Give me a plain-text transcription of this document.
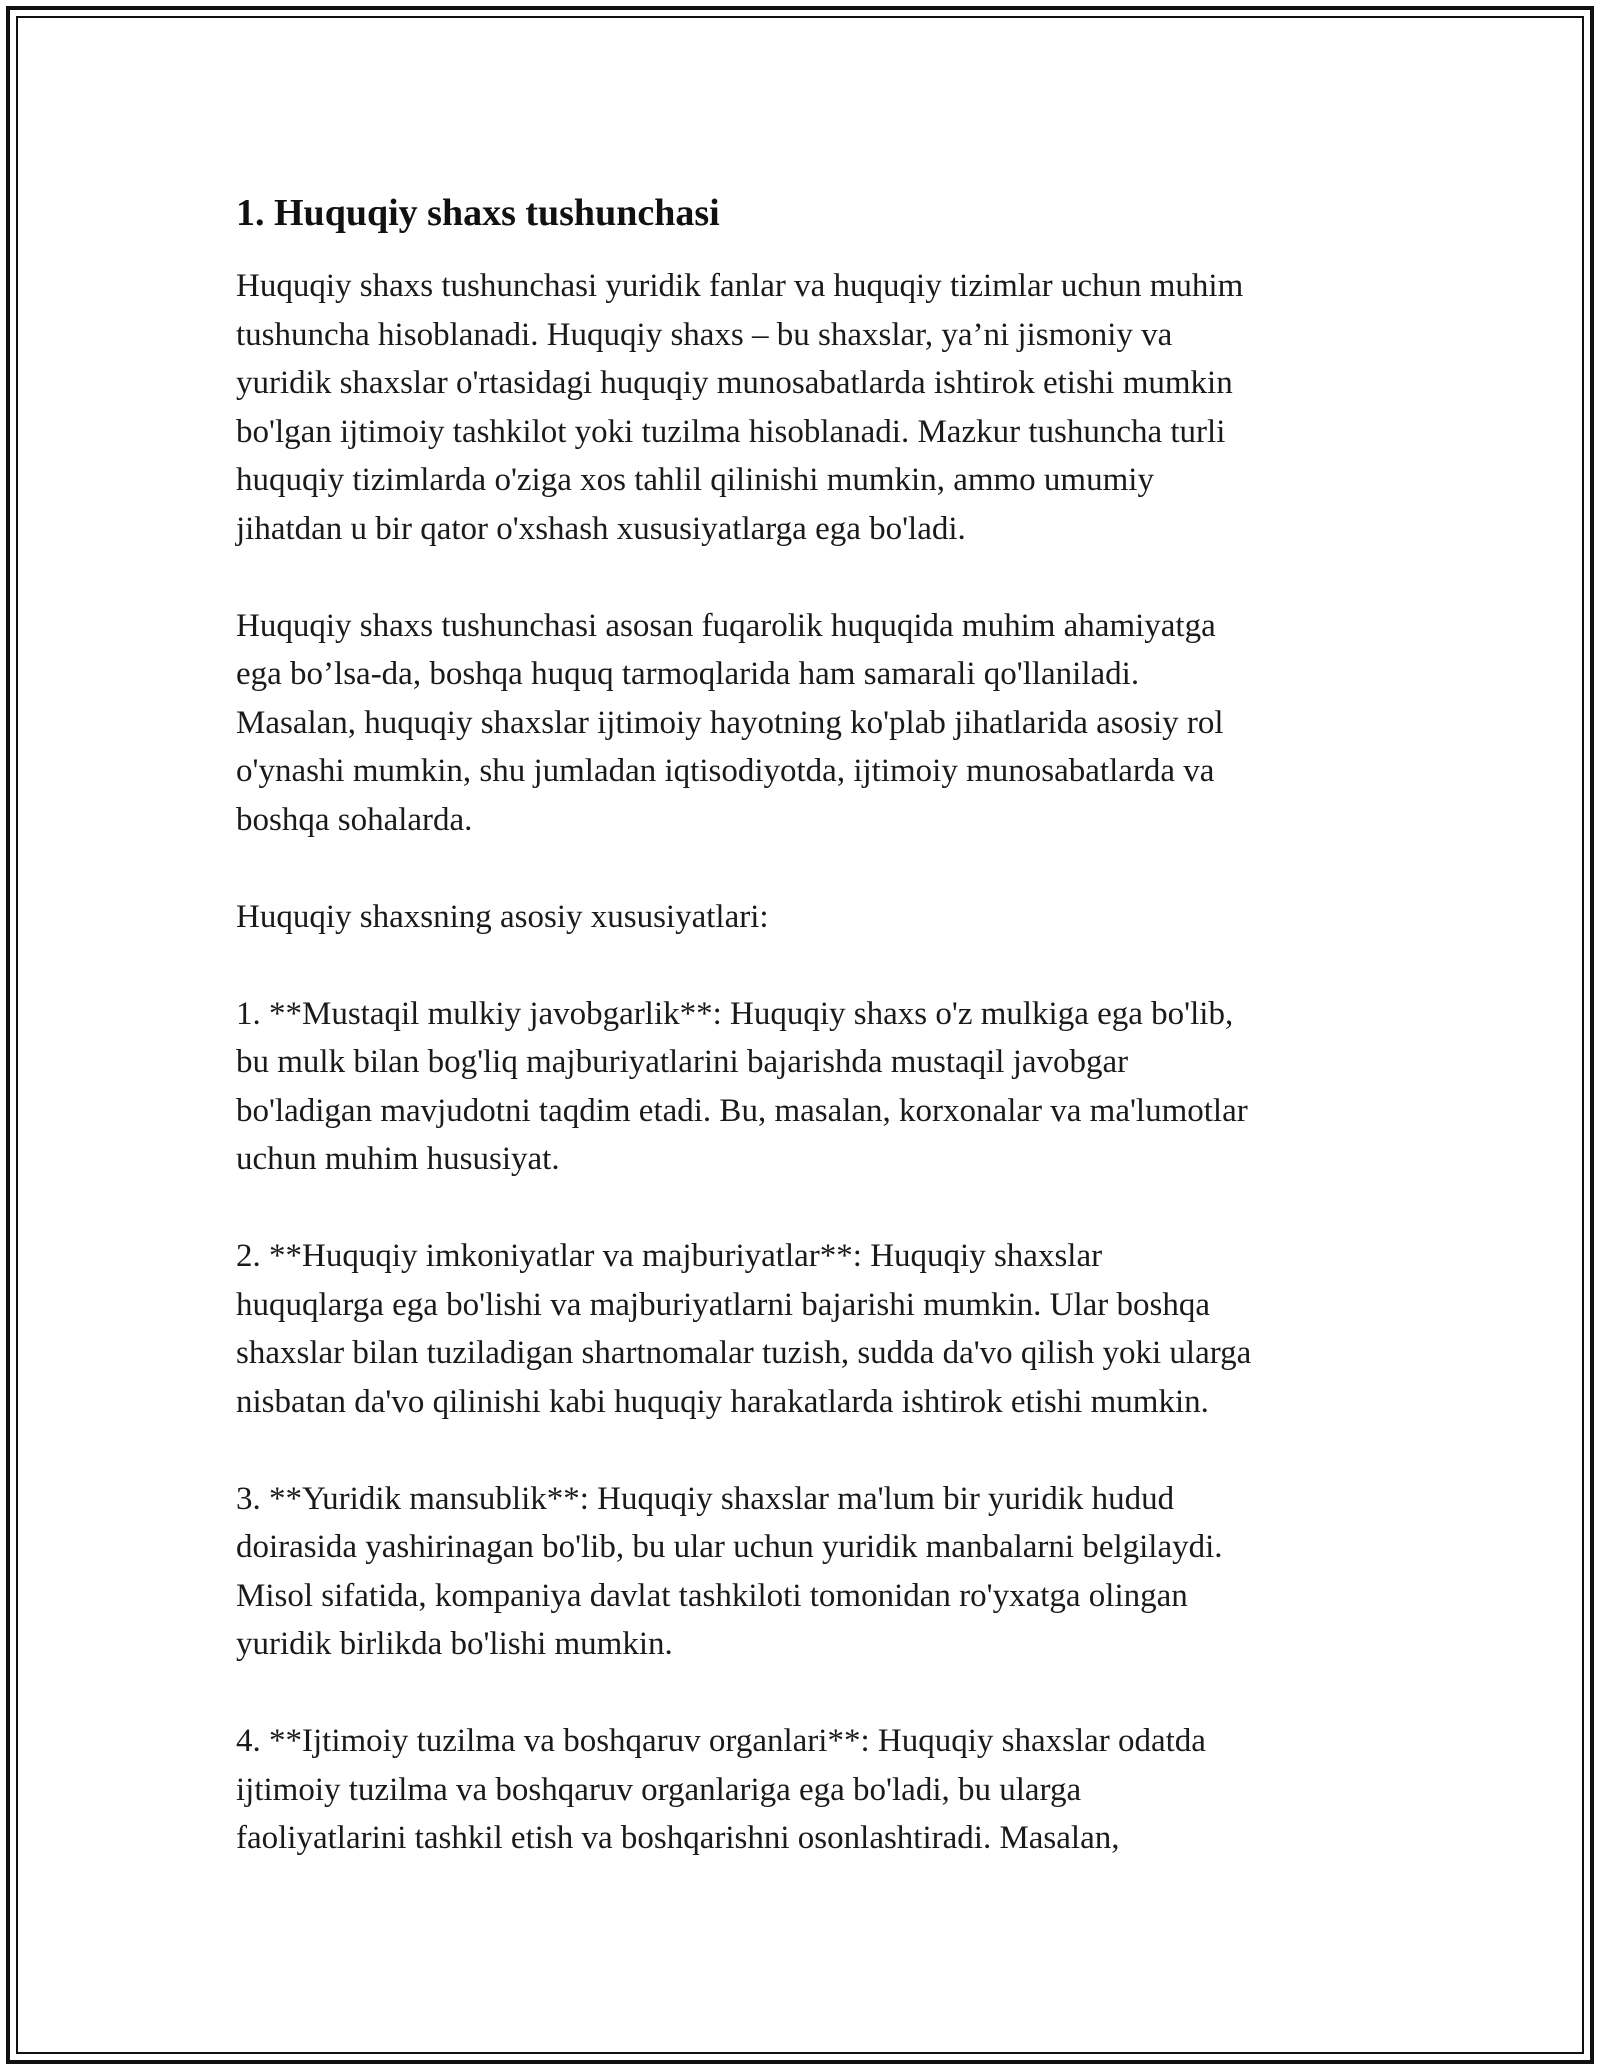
1. Huquqiy shaxs tushunchasi

Huquqiy shaxs tushunchasi yuridik fanlar va huquqiy tizimlar uchun muhim
tushuncha hisoblanadi. Huquqiy shaxs – bu shaxslar, ya’ni jismoniy va
yuridik shaxslar o'rtasidagi huquqiy munosabatlarda ishtirok etishi mumkin
bo'lgan ijtimoiy tashkilot yoki tuzilma hisoblanadi. Mazkur tushuncha turli
huquqiy tizimlarda o'ziga xos tahlil qilinishi mumkin, ammo umumiy
jihatdan u bir qator o'xshash xususiyatlarga ega bo'ladi.

Huquqiy shaxs tushunchasi asosan fuqarolik huquqida muhim ahamiyatga
ega bo’lsa-da, boshqa huquq tarmoqlarida ham samarali qo'llaniladi.
Masalan, huquqiy shaxslar ijtimoiy hayotning ko'plab jihatlarida asosiy rol
o'ynashi mumkin, shu jumladan iqtisodiyotda, ijtimoiy munosabatlarda va
boshqa sohalarda.

Huquqiy shaxsning asosiy xususiyatlari:

1. **Mustaqil mulkiy javobgarlik**: Huquqiy shaxs o'z mulkiga ega bo'lib,
bu mulk bilan bog'liq majburiyatlarini bajarishda mustaqil javobgar
bo'ladigan mavjudotni taqdim etadi. Bu, masalan, korxonalar va ma'lumotlar
uchun muhim hususiyat.

2. **Huquqiy imkoniyatlar va majburiyatlar**: Huquqiy shaxslar
huquqlarga ega bo'lishi va majburiyatlarni bajarishi mumkin. Ular boshqa
shaxslar bilan tuziladigan shartnomalar tuzish, sudda da'vo qilish yoki ularga
nisbatan da'vo qilinishi kabi huquqiy harakatlarda ishtirok etishi mumkin.

3. **Yuridik mansublik**: Huquqiy shaxslar ma'lum bir yuridik hudud
doirasida yashirinagan bo'lib, bu ular uchun yuridik manbalarni belgilaydi.
Misol sifatida, kompaniya davlat tashkiloti tomonidan ro'yxatga olingan
yuridik birlikda bo'lishi mumkin.

4. **Ijtimoiy tuzilma va boshqaruv organlari**: Huquqiy shaxslar odatda
ijtimoiy tuzilma va boshqaruv organlariga ega bo'ladi, bu ularga
faoliyatlarini tashkil etish va boshqarishni osonlashtiradi. Masalan,
